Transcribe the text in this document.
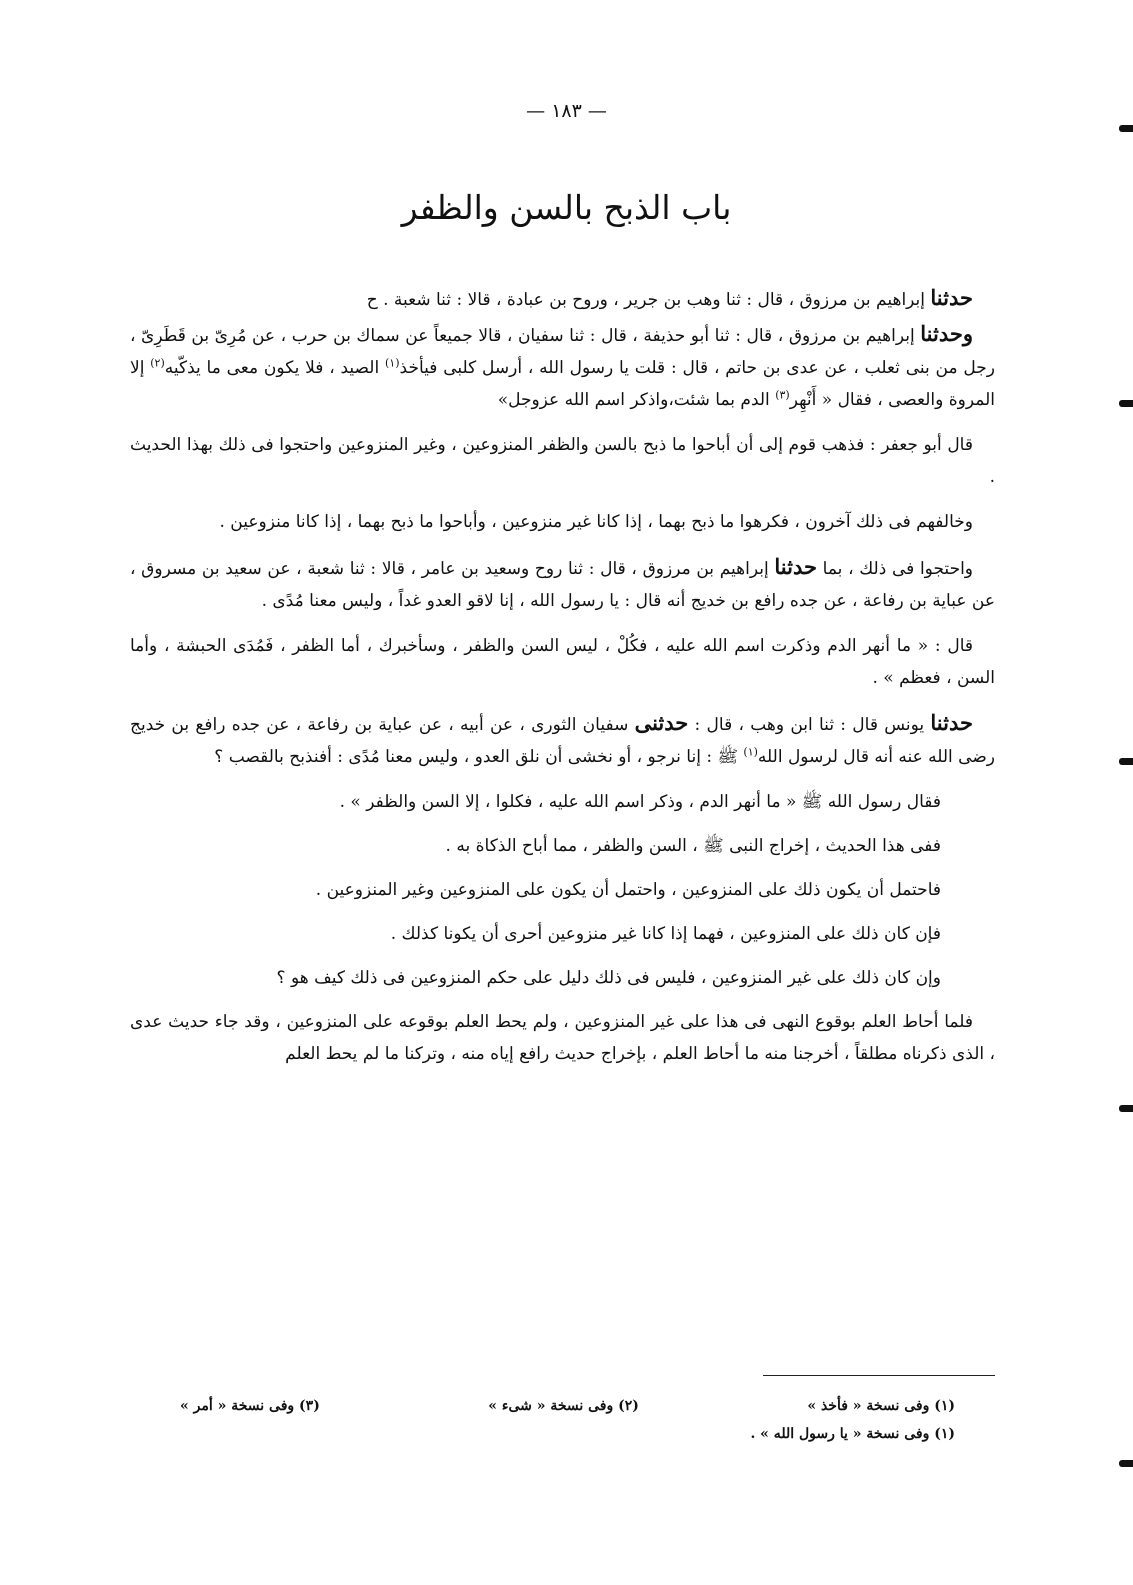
— ١٨٣ —
باب الذبح بالسن والظفر

حدثنا إبراهيم بن مرزوق ، قال : ثنا وهب بن جرير ، وروح بن عبادة ، قالا : ثنا شعبة . ح

وحدثنا إبراهيم بن مرزوق ، قال : ثنا أبو حذيفة ، قال : ثنا سفيان ، قالا جميعاً عن سماك بن حرب ، عن مُرِىّ بن قَطَرِىّ ، رجل من بنى ثعلب ، عن عدى بن حاتم ، قال : قلت يا رسول الله ، أرسل كلبى فيأخذ$^{(١)}$ الصيد ، فلا يكون معى ما يذكّيه$^{(٢)}$ إلا المروة والعصى ، فقال « أَنْهِر$^{(٣)}$ الدم بما شئت،واذكر اسم الله عزوجل»

قال أبو جعفر : فذهب قوم إلى أن أباحوا ما ذبح بالسن والظفر المنزوعين ، وغير المنزوعين واحتجوا فى ذلك بهذا الحديث .

وخالفهم فى ذلك آخرون ، فكرهوا ما ذبح بهما ، إذا كانا غير منزوعين ، وأباحوا ما ذبح بهما ، إذا كانا منزوعين .

واحتجوا فى ذلك ، بما حدثنا إبراهيم بن مرزوق ، قال : ثنا روح وسعيد بن عامر ، قالا : ثنا شعبة ، عن سعيد بن مسروق ، عن عباية بن رفاعة ، عن جده رافع بن خديج أنه قال : يا رسول الله ، إنا لاقو العدو غداً ، وليس معنا مُدًى .

قال : « ما أنهر الدم وذكرت اسم الله عليه ، فكُلْ ، ليس السن والظفر ، وسأخبرك ، أما الظفر ، فَمُدَى الحبشة ، وأما السن ، فعظم » .

حدثنا يونس قال : ثنا ابن وهب ، قال : حدثنى سفيان الثورى ، عن أبيه ، عن عباية بن رفاعة ، عن جده رافع بن خديج رضى الله عنه أنه قال لرسول الله$^{(١)}$ ﷺ : إنا نرجو ، أو نخشى أن نلق العدو ، وليس معنا مُدًى : أفنذبح بالقصب ؟

فقال رسول الله ﷺ « ما أنهر الدم ، وذكر اسم الله عليه ، فكلوا ، إلا السن والظفر » .

ففى هذا الحديث ، إخراج النبى ﷺ ، السن والظفر ، مما أباح الذكاة به .

فاحتمل أن يكون ذلك على المنزوعين ، واحتمل أن يكون على المنزوعين وغير المنزوعين .

فإن كان ذلك على المنزوعين ، فهما إذا كانا غير منزوعين أحرى أن يكونا كذلك .

وإن كان ذلك على غير المنزوعين ، فليس فى ذلك دليل على حكم المنزوعين فى ذلك كيف هو ؟

فلما أحاط العلم بوقوع النهى فى هذا على غير المنزوعين ، ولم يحط العلم بوقوعه على المنزوعين ، وقد جاء حديث عدى ، الذى ذكرناه مطلقاً ، أخرجنا منه ما أحاط العلم ، بإخراج حديث رافع إياه منه ، وتركنا ما لم يحط العلم

(١) وفى نسخة « فأخذ »
(٢) وفى نسخة « شىء »
(٣) وفى نسخة « أمر »
(١) وفى نسخة « يا رسول الله » .
